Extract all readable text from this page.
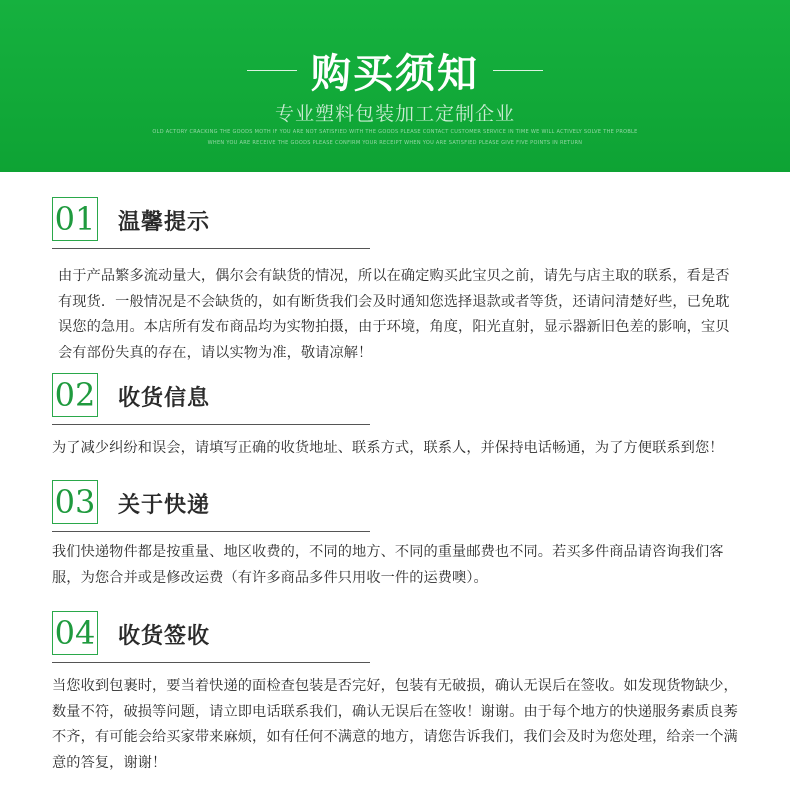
购买须知
专业塑料包装加工定制企业
OLD ACTORY CRACKING THE GOODS MOTH IF YOU ARE NOT SATISFIED WITH THE GOODS PLEASE CONTACT CUSTOMER SERVICE IN TIME WE WILL ACTIVELY SOLVE THE PROBLE
WHEN YOU ARE RECEIVE THE GOODS PLEASE CONFIRM YOUR RECEIPT WHEN YOU ARE SATISFIED PLEASE GIVE FIVE POINTS IN RETURN
01 温馨提示
由于产品繁多流动量大，偶尔会有缺货的情况，所以在确定购买此宝贝之前，请先与店主取的联系，看是否有现货．一般情况是不会缺货的，如有断货我们会及时通知您选择退款或者等货，还请问清楚好些，已免耽误您的急用。本店所有发布商品均为实物拍摄，由于环境，角度，阳光直射，显示器新旧色差的影响，宝贝会有部份失真的存在，请以实物为准，敬请凉解！
02 收货信息
为了减少纠纷和误会，请填写正确的收货地址、联系方式，联系人，并保持电话畅通，为了方便联系到您！
03 关于快递
我们快递物件都是按重量、地区收费的，不同的地方、不同的重量邮费也不同。若买多件商品请咨询我们客服，为您合并或是修改运费（有许多商品多件只用收一件的运费噢）。
04 收货签收
当您收到包裹时，要当着快递的面检查包装是否完好，包装有无破损，确认无误后在签收。如发现货物缺少，数量不符，破损等问题，请立即电话联系我们，确认无误后在签收！谢谢。由于每个地方的快递服务素质良莠不齐，有可能会给买家带来麻烦，如有任何不满意的地方，请您告诉我们，我们会及时为您处理，给亲一个满意的答复，谢谢！
